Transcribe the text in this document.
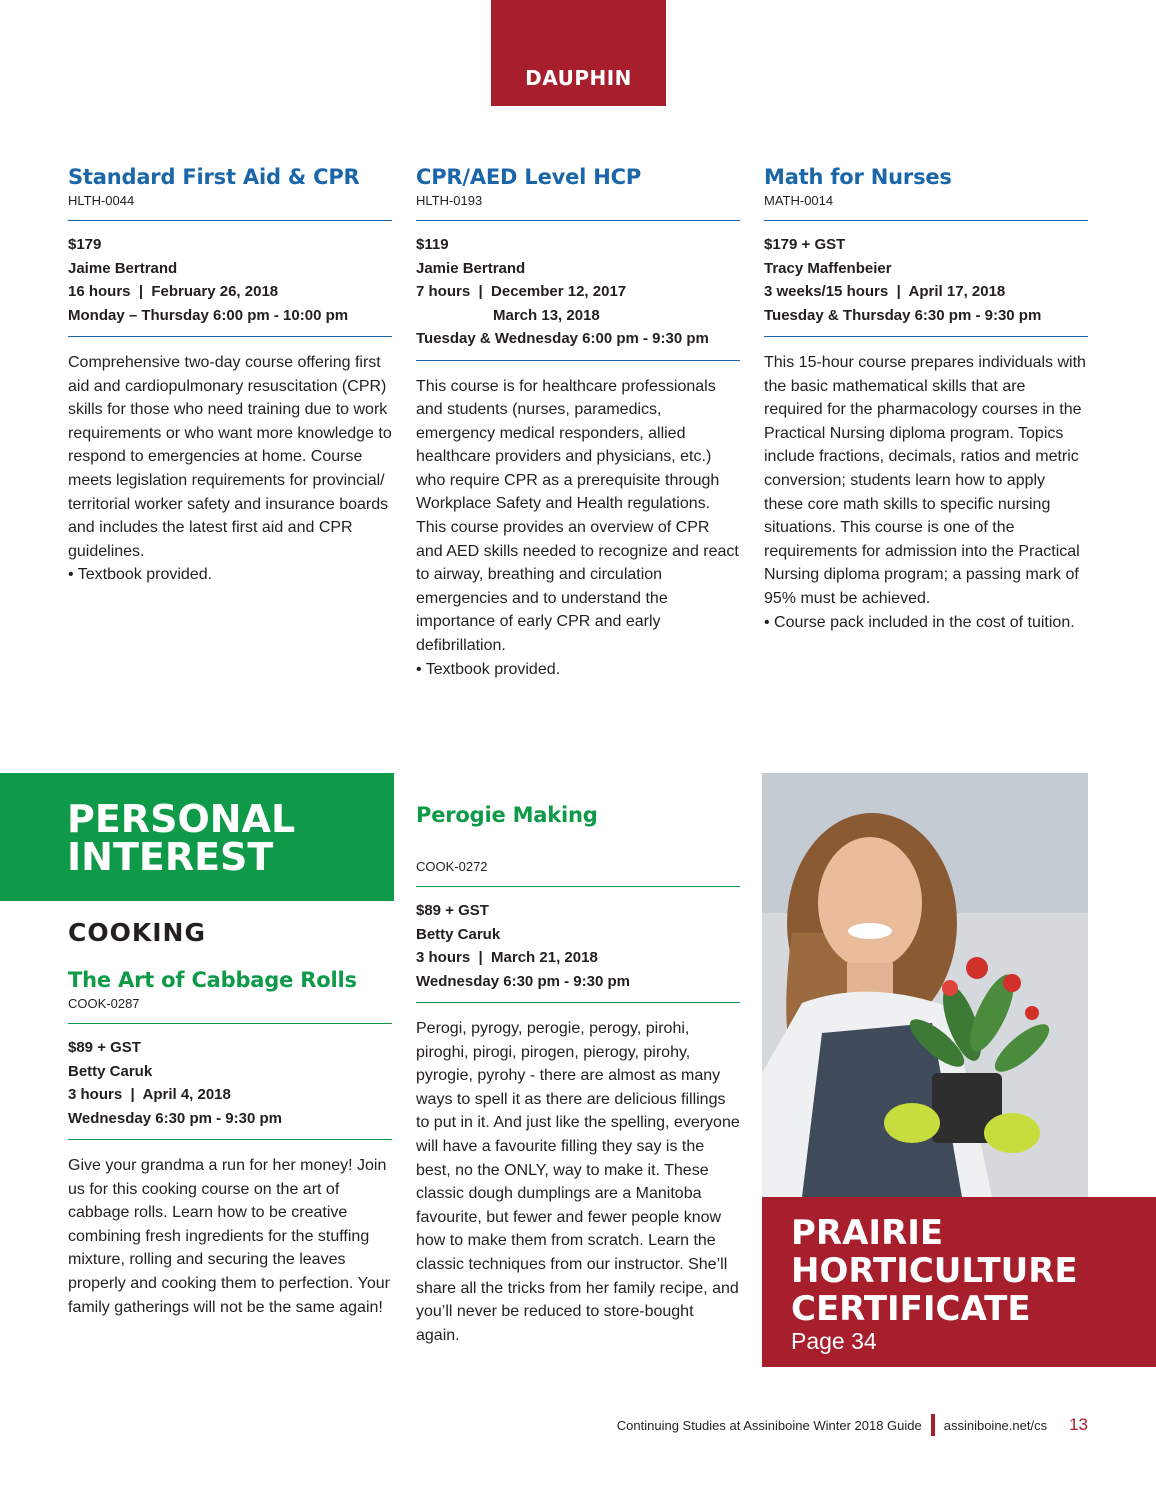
DAUPHIN
Standard First Aid & CPR
HLTH-0044
$179
Jaime Bertrand
16 hours  |  February 26, 2018
Monday – Thursday 6:00 pm - 10:00 pm

Comprehensive two-day course offering first aid and cardiopulmonary resuscitation (CPR) skills for those who need training due to work requirements or who want more knowledge to respond to emergencies at home. Course meets legislation requirements for provincial/ territorial worker safety and insurance boards and includes the latest first aid and CPR guidelines.

• Textbook provided.

CPR/AED Level HCP
HLTH-0193
$119
Jamie Bertrand
7 hours  |  December 12, 2017
March 13, 2018
Tuesday & Wednesday 6:00 pm - 9:30 pm

This course is for healthcare professionals and students (nurses, paramedics, emergency medical responders, allied healthcare providers and physicians, etc.) who require CPR as a prerequisite through Workplace Safety and Health regulations. This course provides an overview of CPR and AED skills needed to recognize and react to airway, breathing and circulation emergencies and to understand the importance of early CPR and early defibrillation.

• Textbook provided.

Math for Nurses
MATH-0014
$179 + GST
Tracy Maffenbeier
3 weeks/15 hours  |  April 17, 2018
Tuesday & Thursday 6:30 pm - 9:30 pm

This 15-hour course prepares individuals with the basic mathematical skills that are required for the pharmacology courses in the Practical Nursing diploma program. Topics include fractions, decimals, ratios and metric conversion; students learn how to apply these core math skills to specific nursing situations. This course is one of the requirements for admission into the Practical Nursing diploma program; a passing mark of 95% must be achieved.

• Course pack included in the cost of tuition.

PERSONAL
INTEREST
COOKING
The Art of Cabbage Rolls
COOK-0287
$89 + GST
Betty Caruk
3 hours  |  April 4, 2018
Wednesday 6:30 pm - 9:30 pm

Give your grandma a run for her money! Join us for this cooking course on the art of cabbage rolls. Learn how to be creative combining fresh ingredients for the stuffing mixture, rolling and securing the leaves properly and cooking them to perfection. Your family gatherings will not be the same again!

Perogie Making
COOK-0272
$89 + GST
Betty Caruk
3 hours  |  March 21, 2018
Wednesday 6:30 pm - 9:30 pm

Perogi, pyrogy, perogie, perogy, pirohi, piroghi, pirogi, pirogen, pierogy, pirohy, pyrogie, pyrohy - there are almost as many ways to spell it as there are delicious fillings to put in it. And just like the spelling, everyone will have a favourite filling they say is the best, no the ONLY, way to make it. These classic dough dumplings are a Manitoba favourite, but fewer and fewer people know how to make them from scratch. Learn the classic techniques from our instructor. She’ll share all the tricks from her family recipe, and you’ll never be reduced to store-bought again.

PRAIRIE
HORTICULTURE
CERTIFICATE
Page 34
Continuing Studies at Assiniboine Winter 2018 Guide assiniboine.net/cs 13
